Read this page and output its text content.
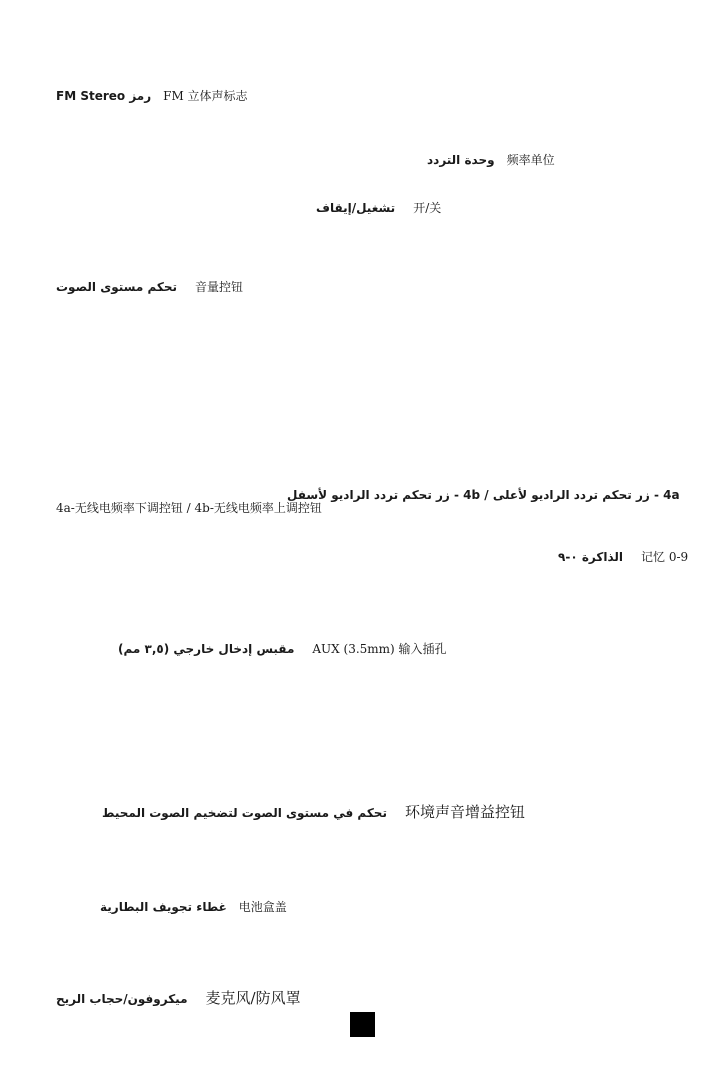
رمز FM Stereo FM 立体声标志
وحدة التردد 频率单位
تشغيل/إيقاف 开/关
تحكم مستوى الصوت 音量控钮
4a - زر تحكم تردد الراديو لأعلى / 4b - زر تحكم تردد الراديو لأسفل
4a-无线电频率下调控钮 / 4b-无线电频率上调控钮
الذاكرة ٠-٩ 记忆 0-9
مقبس إدخال خارجي (٣,٥ مم) AUX (3.5mm) 输入插孔
تحكم في مستوى الصوت لتضخيم الصوت المحيط 环境声音增益控钮
غطاء تجويف البطارية 电池盒盖
ميكروفون/حجاب الريح 麦克风/防风罩
